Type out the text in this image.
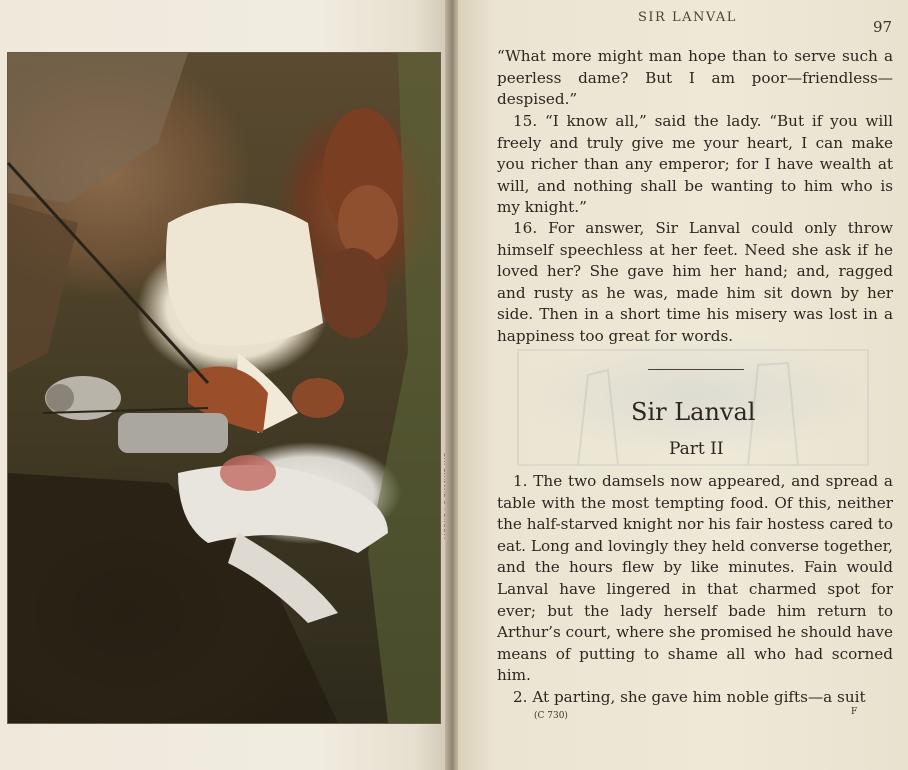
SIR LANVAL
97

“What more might man hope than to serve such a peerless dame? But I am poor—friendless—despised.”

15. “I know all,” said the lady. “But if you will freely and truly give me your heart, I can make you richer than any emperor; for I have wealth at will, and nothing shall be wanting to him who is my knight.”

16. For answer, Sir Lanval could only throw himself speechless at her feet. Need she ask if he loved her? She gave him her hand; and, ragged and rusty as he was, made him sit down by her side. Then in a short time his misery was lost in a happiness too great for words.

Sir Lanval
Part II

1. The two damsels now appeared, and spread a table with the most tempting food. Of this, neither the half-starved knight nor his fair hostess cared to eat. Long and lovingly they held converse together, and the hours flew by like minutes. Fain would Lanval have lingered in that charmed spot for ever; but the lady herself bade him return to Arthur’s court, where she promised he should have means of putting to shame all who had scorned him.

2. At parting, she gave him noble gifts—a suit

(C 730)	F
